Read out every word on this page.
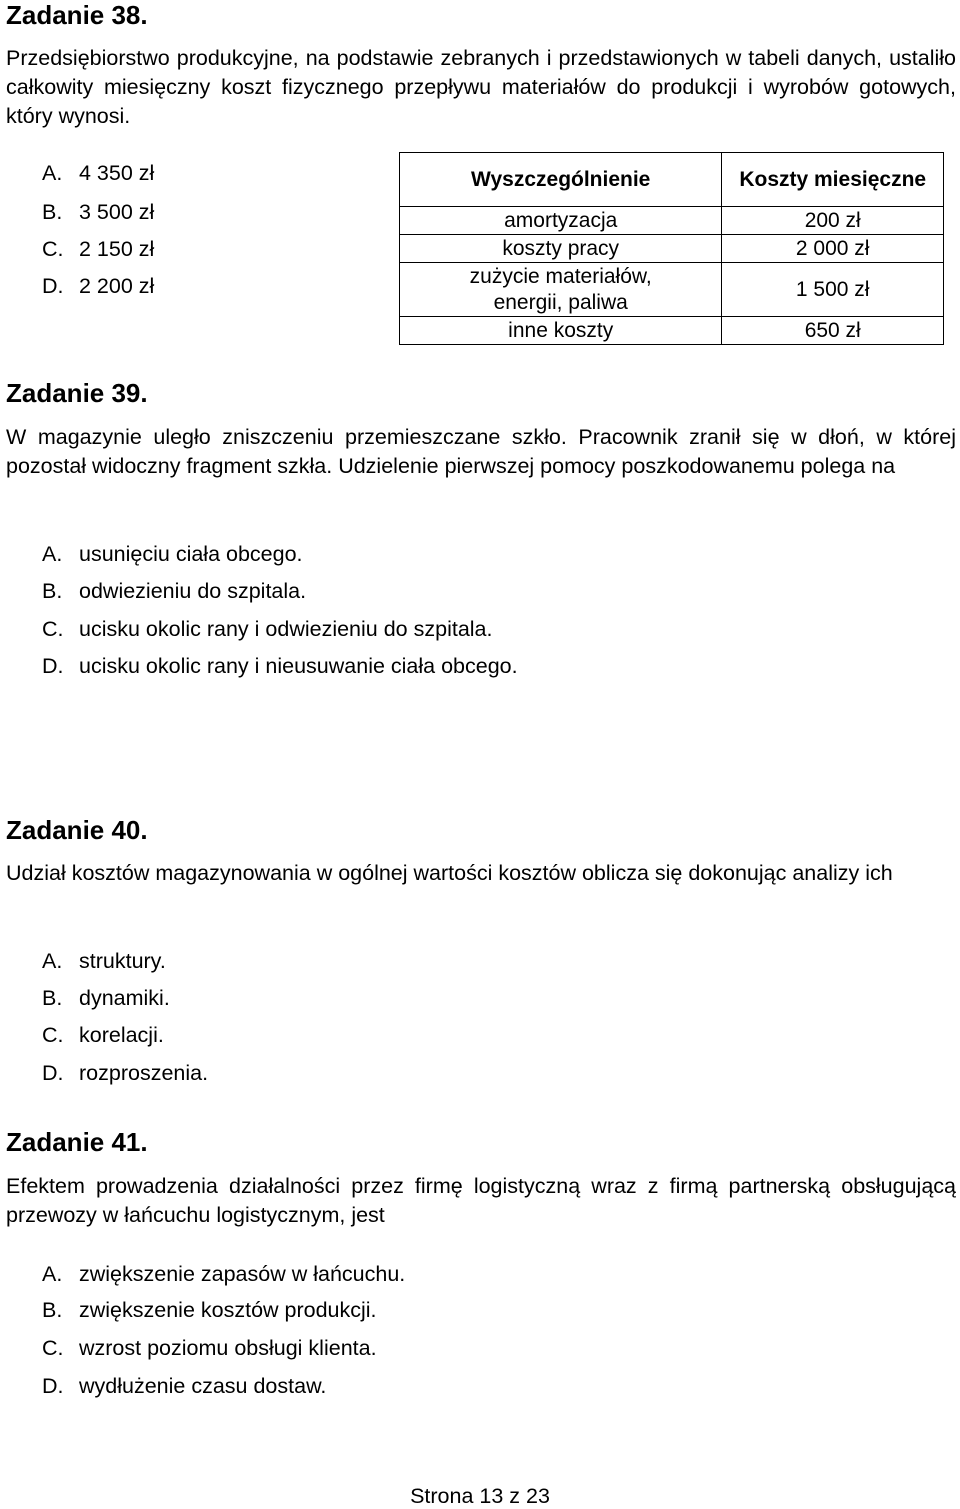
Zadanie 38.

Przedsiębiorstwo produkcyjne, na podstawie zebranych i przedstawionych w tabeli danych, ustaliło całkowity miesięczny koszt fizycznego przepływu materiałów do produkcji i wyrobów gotowych, który wynosi.

A. 4 350 zł
B. 3 500 zł
C. 2 150 zł
D. 2 200 zł
Wyszczególnienie	Koszty miesięczne
amortyzacja	200 zł
koszty pracy	2 000 zł
zużycie materiałów, energii, paliwa	1 500 zł
inne koszty	650 zł
Zadanie 39.

W magazynie uległo zniszczeniu przemieszczane szkło. Pracownik zranił się w dłoń, w której pozostał widoczny fragment szkła. Udzielenie pierwszej pomocy poszkodowanemu polega na

A. usunięciu ciała obcego.
B. odwiezieniu do szpitala.
C. ucisku okolic rany i odwiezieniu do szpitala.
D. ucisku okolic rany i nieusuwanie ciała obcego.
Zadanie 40.

Udział kosztów magazynowania w ogólnej wartości kosztów oblicza się dokonując analizy ich

A. struktury.
B. dynamiki.
C. korelacji.
D. rozproszenia.
Zadanie 41.

Efektem prowadzenia działalności przez firmę logistyczną wraz z firmą partnerską obsługującą przewozy w łańcuchu logistycznym, jest

A. zwiększenie zapasów w łańcuchu.
B. zwiększenie kosztów produkcji.
C. wzrost poziomu obsługi klienta.
D. wydłużenie czasu dostaw.
Strona 13 z 23
